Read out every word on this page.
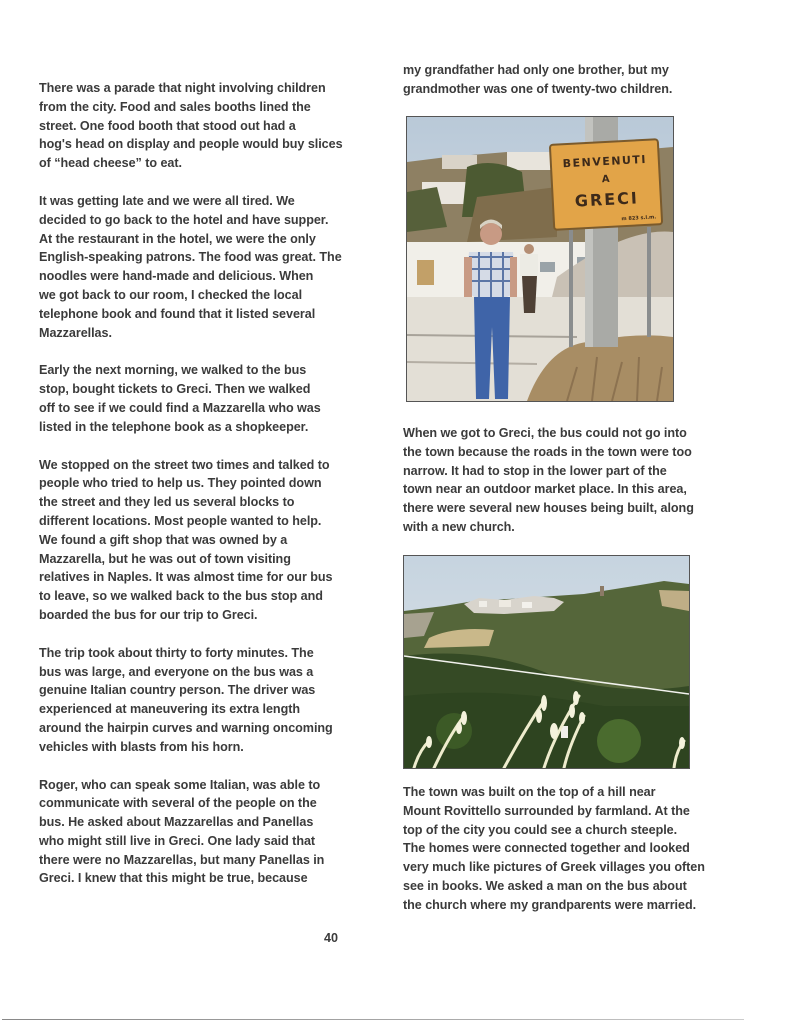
There was a parade that night involving children

from the city. Food and sales booths lined the

street. One food booth that stood out had a

hog's head on display and people would buy slices

of “head cheese” to eat.

It was getting late and we were all tired. We

decided to go back to the hotel and have supper.

At the restaurant in the hotel, we were the only

English-speaking patrons. The food was great. The

noodles were hand-made and delicious. When

we got back to our room, I checked the local

telephone book and found that it listed several

Mazzarellas.

Early the next morning, we walked to the bus

stop, bought tickets to Greci. Then we walked

off to see if we could find a Mazzarella who was

listed in the telephone book as a shopkeeper.

We stopped on the street two times and talked to

people who tried to help us. They pointed down

the street and they led us several blocks to

different locations. Most people wanted to help.

We found a gift shop that was owned by a

Mazzarella, but he was out of town visiting

relatives in Naples. It was almost time for our bus

to leave, so we walked back to the bus stop and

boarded the bus for our trip to Greci.

The trip took about thirty to forty minutes. The

bus was large, and everyone on the bus was a

genuine Italian country person. The driver was

experienced at maneuvering its extra length

around the hairpin curves and warning oncoming

vehicles with blasts from his horn.

Roger, who can speak some Italian, was able to

communicate with several of the people on the

bus. He asked about Mazzarellas and Panellas

who might still live in Greci. One lady said that

there were no Mazzarellas, but many Panellas in

Greci. I knew that this might be true, because

my grandfather had only one brother, but my

grandmother was one of twenty-two children.

BENVENUTI
A
GRECI
m 823 s.l.m.

When we got to Greci, the bus could not go into

the town because the roads in the town were too

narrow. It had to stop in the lower part of the

town near an outdoor market place. In this area,

there were several new houses being built, along

with a new church.

The town was built on the top of a hill near

Mount Rovittello surrounded by farmland. At the

top of the city you could see a church steeple.

The homes were connected together and looked

very much like pictures of Greek villages you often

see in books. We asked a man on the bus about

the church where my grandparents were married.

40
